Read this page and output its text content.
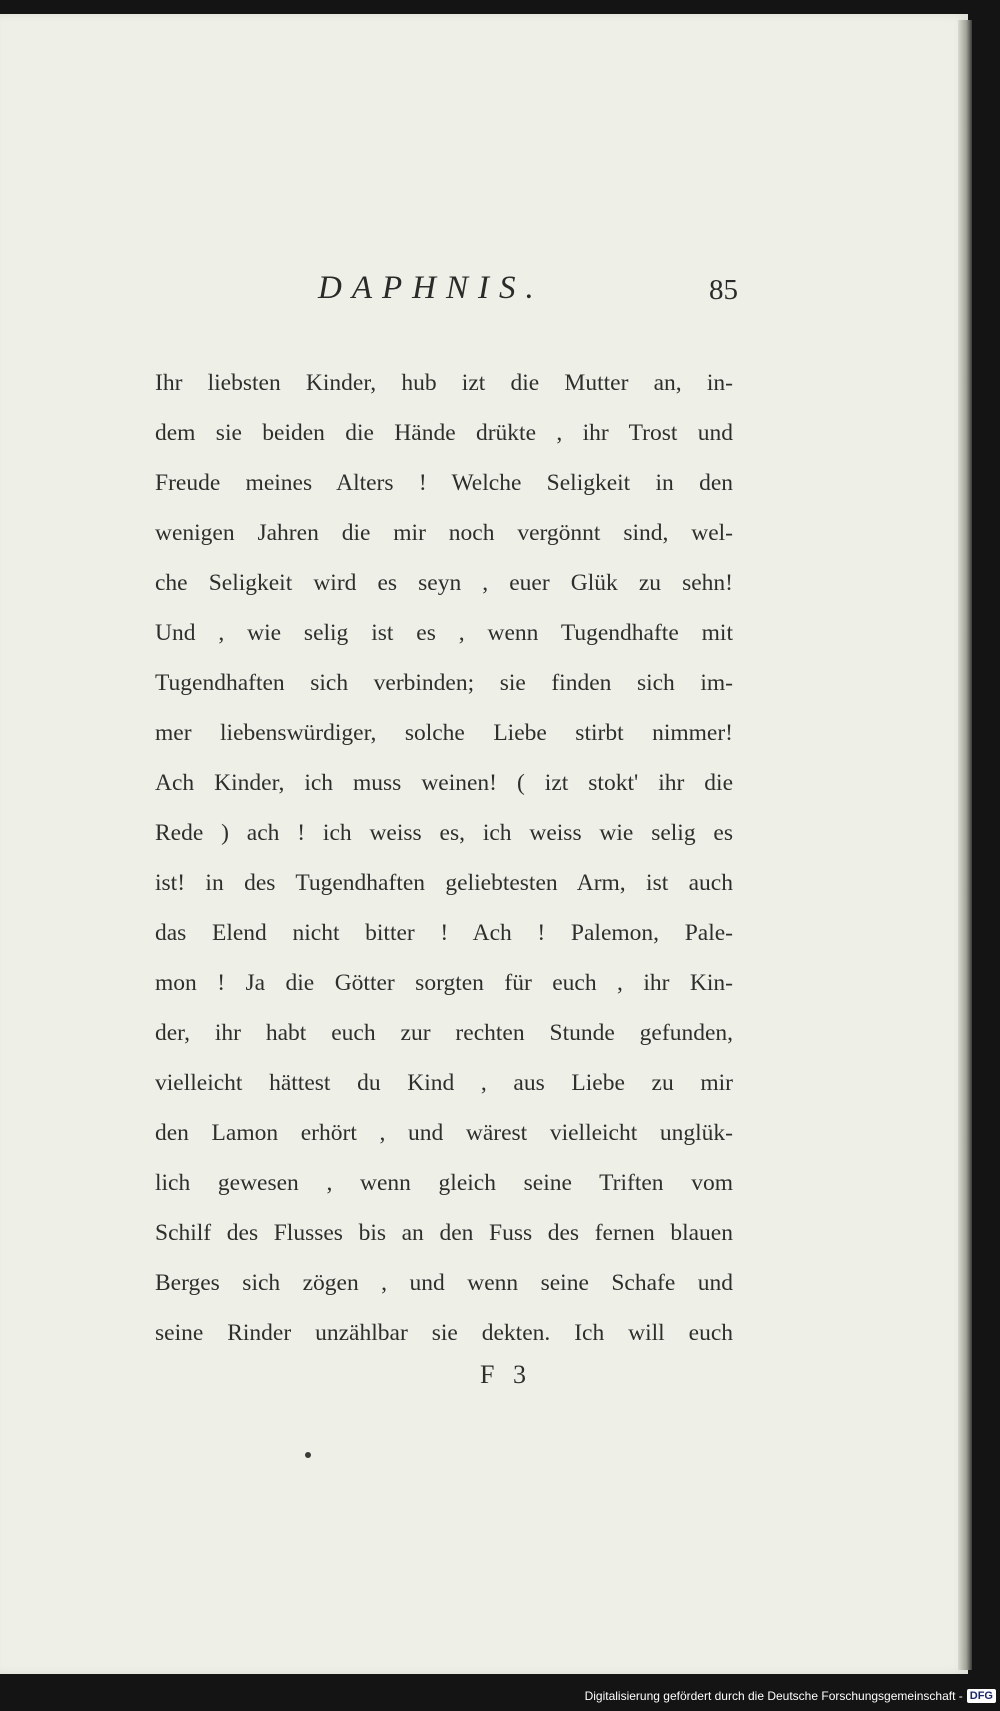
DAPHNIS.	85
Ihr liebsten Kinder, hub izt die Mutter an, in-
dem sie beiden die Hände drükte , ihr Trost und
Freude meines Alters ! Welche Seligkeit in den
wenigen Jahren die mir noch vergönnt sind, wel-
che Seligkeit wird es seyn , euer Glük zu sehn!
Und , wie selig ist es , wenn Tugendhafte mit
Tugendhaften sich verbinden; sie finden sich im-
mer liebenswürdiger, solche Liebe stirbt nimmer!
Ach Kinder, ich muss weinen! ( izt stokt' ihr die
Rede ) ach ! ich weiss es, ich weiss wie selig es
ist! in des Tugendhaften geliebtesten Arm, ist auch
das Elend nicht bitter ! Ach ! Palemon, Pale-
mon ! Ja die Götter sorgten für euch , ihr Kin-
der, ihr habt euch zur rechten Stunde gefunden,
vielleicht hättest du Kind , aus Liebe zu mir
den Lamon erhört , und wärest vielleicht unglük-
lich gewesen , wenn gleich seine Triften vom
Schilf des Flusses bis an den Fuss des fernen blauen
Berges sich zögen , und wenn seine Schafe und
seine Rinder unzählbar sie dekten. Ich will euch
F 3
Digitalisierung gefördert durch die Deutsche Forschungsgemeinschaft - DFG
